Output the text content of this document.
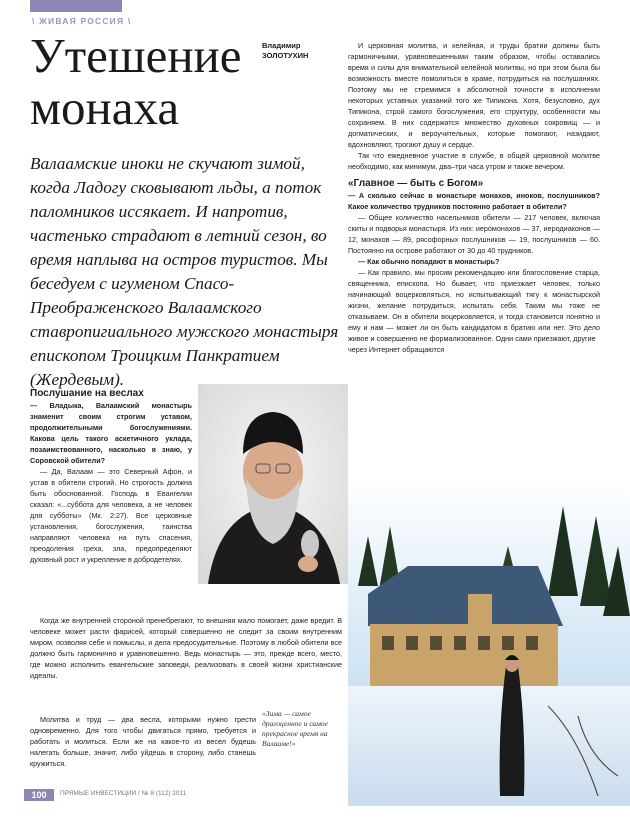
\ ЖИВАЯ РОССИЯ \
Утешение
монаха
Владимир
ЗОЛОТУХИН
Валаамские иноки не скучают зимой, когда Ладогу сковывают льды, а поток паломников иссякает. И напротив, частенько страдают в летний сезон, во время наплыва на остров туристов. Мы беседуем с игуменом Спасо-Преображенского Валаамского ставропигиального мужского монастыря епископом Троицким Панкратием (Жердевым).
Послушание на веслах

— Владыка, Валаамский монастырь знаменит своим строгим уставом, продолжительными богослужениями. Какова цель такого аскетичного уклада, позаимствованного, насколько я знаю, у Соровской обители?

— Да, Валаам — это Северный Афон, и устав в обители строгий. Но строгость должна быть обоснованной. Господь в Евангелии сказал: «...суббота для человека, а не человек для субботы» (Мк. 2:27). Все церковные установления, богослужения, таинства направляют человека на путь спасения, преодоления греха, зла, предопределяют духовный рост и укрепление в добродетелях.

Когда же внутренней стороной пренебрегают, то внешняя мало помогает, даже вредит. В человеке может расти фарисей, который совершенно не следит за своим внутренним миром, позволяя себе и помыслы, и дела предосудительные. Поэтому в любой обители все должно быть гармонично и уравновешенно. Ведь монастырь — это, прежде всего, место, где можно исполнить евангельские заповеди, реализовать в своей жизни христианские идеалы.

Молитва и труд — два весла, которыми нужно грести одновременно. Для того чтобы двигаться прямо, требуется и работать и молиться. Если же на какое-то из весел будешь налегать больше, значит, либо уйдешь в сторону, либо станешь кружиться.

И церковная молитва, и келейная, и труды братии должны быть гармоничными, уравновешенными таким образом, чтобы оставались время и силы для внимательной келейной молитвы, но при этом была бы возможность вместе помолиться в храме, потрудиться на послушаниях. Поэтому мы не стремимся к абсолютной точности в исполнении некоторых уставных указаний того же Типикона. Хотя, безусловно, дух Типикона, строй самого богослужения, его структуру, особенности мы сохраняем. В них содержатся множество духовных сокровищ — и догматических, и вероучительных, которые помогают, назидают, вдохновляют, трогают душу и сердце.

Так что ежедневное участие в службе, в общей церковной молитве необходимо, как минимум, два–три часа утром и также вечером.

«Главное — быть с Богом»

— А сколько сейчас в монастыре монахов, иноков, послушников? Какое количество трудников постоянно работает в обители?

— Общее количество насельников обители — 217 человек, включая скиты и подворья монастыря. Из них: иеромонахов — 37, иеродиаконов — 12, монахов — 89, рясофорных послушников — 19, послушников — 60. Постоянно на острове работают от 30 до 40 трудников.

— Как обычно попадают в монастырь?

— Как правило, мы просим рекомендацию или благословение старца, священника, епископа. Но бывает, что приезжает человек, только начинающий воцерковляться, но испытывающий тягу к монастырской жизни, желание потрудиться, испытать себя. Таким мы тоже не отказываем. Он в обители воцерковляется, и тогда становится понятно и ему и нам — может ли он быть кандидатом в братию или нет. Это дело живое и совершенно не формализованное. Одни сами приезжают, другие

через Интернет обращаются
«Зима — самое драгоценное и самое прекрасное время на Валааме!»
100	ПРЯМЫЕ ИНВЕСТИЦИИ / № 8 (112) 2011
